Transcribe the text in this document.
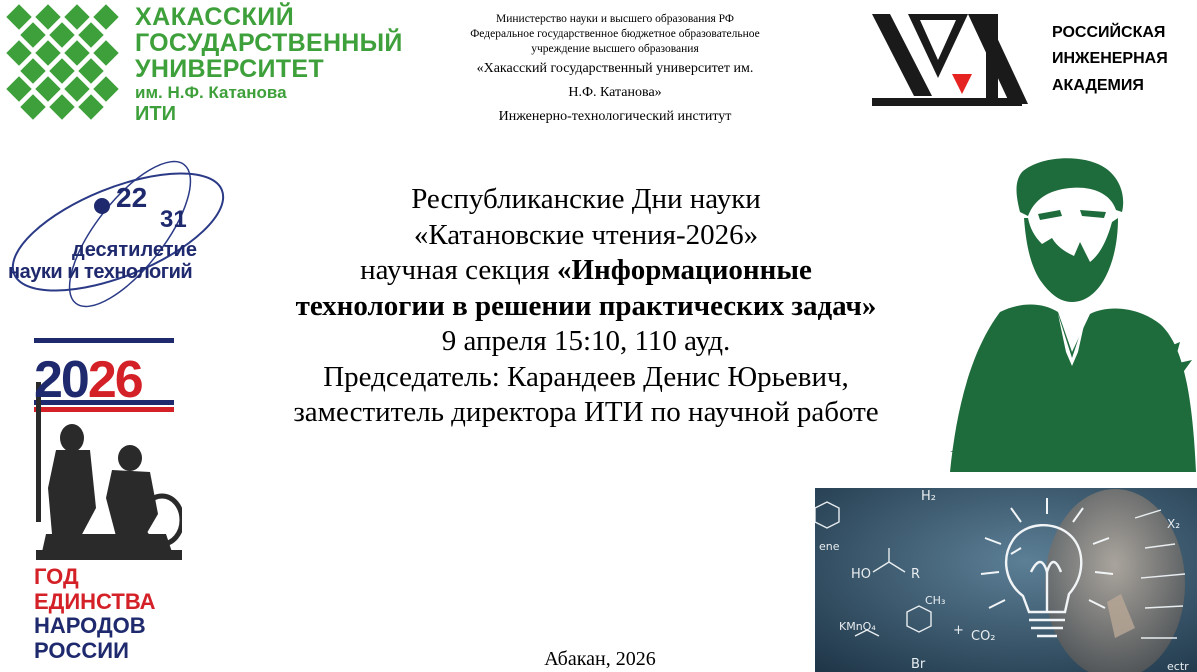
ХАКАССКИЙ
ГОСУДАРСТВЕННЫЙ
УНИВЕРСИТЕТ
им. Н.Ф. Катанова
ИТИ
Министерство науки и высшего образования РФ
Федеральное государственное бюджетное образовательное
учреждение высшего образования
«Хакасский государственный университет им.
Н.Ф. Катанова»
Инженерно-технологический институт
РОССИЙСКАЯ
ИНЖЕНЕРНАЯ
АКАДЕМИЯ
22
31
десятилетие
науки и технологий
2026
ГОД
ЕДИНСТВА
НАРОДОВ
РОССИИ
Республиканские Дни науки
«Катановские чтения-2026»
научная секция «Информационные
технологии в решении практических задач»
9 апреля 15:10, 110 ауд.
Председатель: Карандеев Денис Юрьевич,
заместитель директора ИТИ по научной работе
H₂
HO	R
CO₂
KMnO₄
Br
CH₃
+
ene
ectr
X₂
Абакан, 2026
